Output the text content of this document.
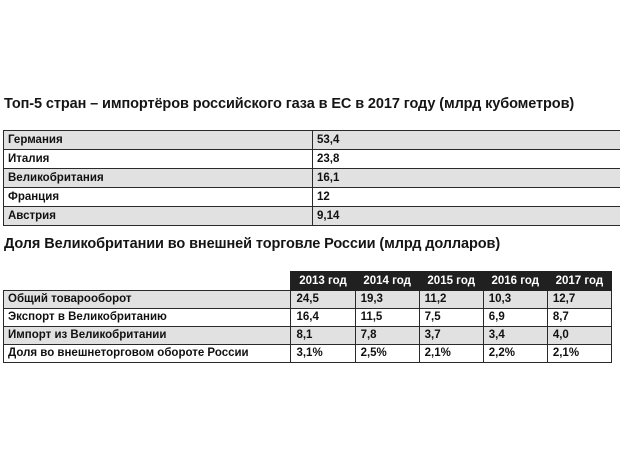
Топ-5 стран – импортёров российского газа в ЕС в 2017 году (млрд кубометров)
Германия	53,4
Италия	23,8
Великобритания	16,1
Франция	12
Австрия	9,14
Доля Великобритании во внешней торговле России (млрд долларов)
	2013 год	2014 год	2015 год	2016 год	2017 год
Общий товарооборот	24,5	19,3	11,2	10,3	12,7
Экспорт в Великобританию	16,4	11,5	7,5	6,9	8,7
Импорт из Великобритании	8,1	7,8	3,7	3,4	4,0
Доля во внешнеторговом обороте России	3,1%	2,5%	2,1%	2,2%	2,1%
